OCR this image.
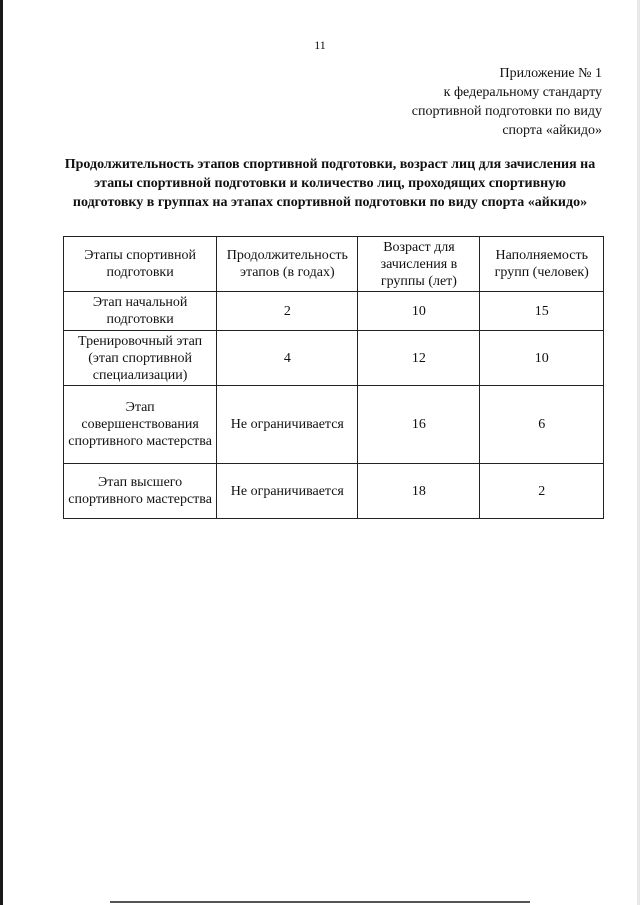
11
Приложение № 1
к федеральному стандарту
спортивной подготовки по виду
спорта «айкидо»
Продолжительность этапов спортивной подготовки, возраст лиц для зачисления на этапы спортивной подготовки и количество лиц, проходящих спортивную подготовку в группах на этапах спортивной подготовки по виду спорта «айкидо»
Этапы спортивной подготовки	Продолжительность этапов (в годах)	Возраст для зачисления в группы (лет)	Наполняемость групп (человек)
Этап начальной подготовки	2	10	15
Тренировочный этап (этап спортивной специализации)	4	12	10
Этап совершенствования спортивного мастерства	Не ограничивается	16	6
Этап высшего спортивного мастерства	Не ограничивается	18	2
